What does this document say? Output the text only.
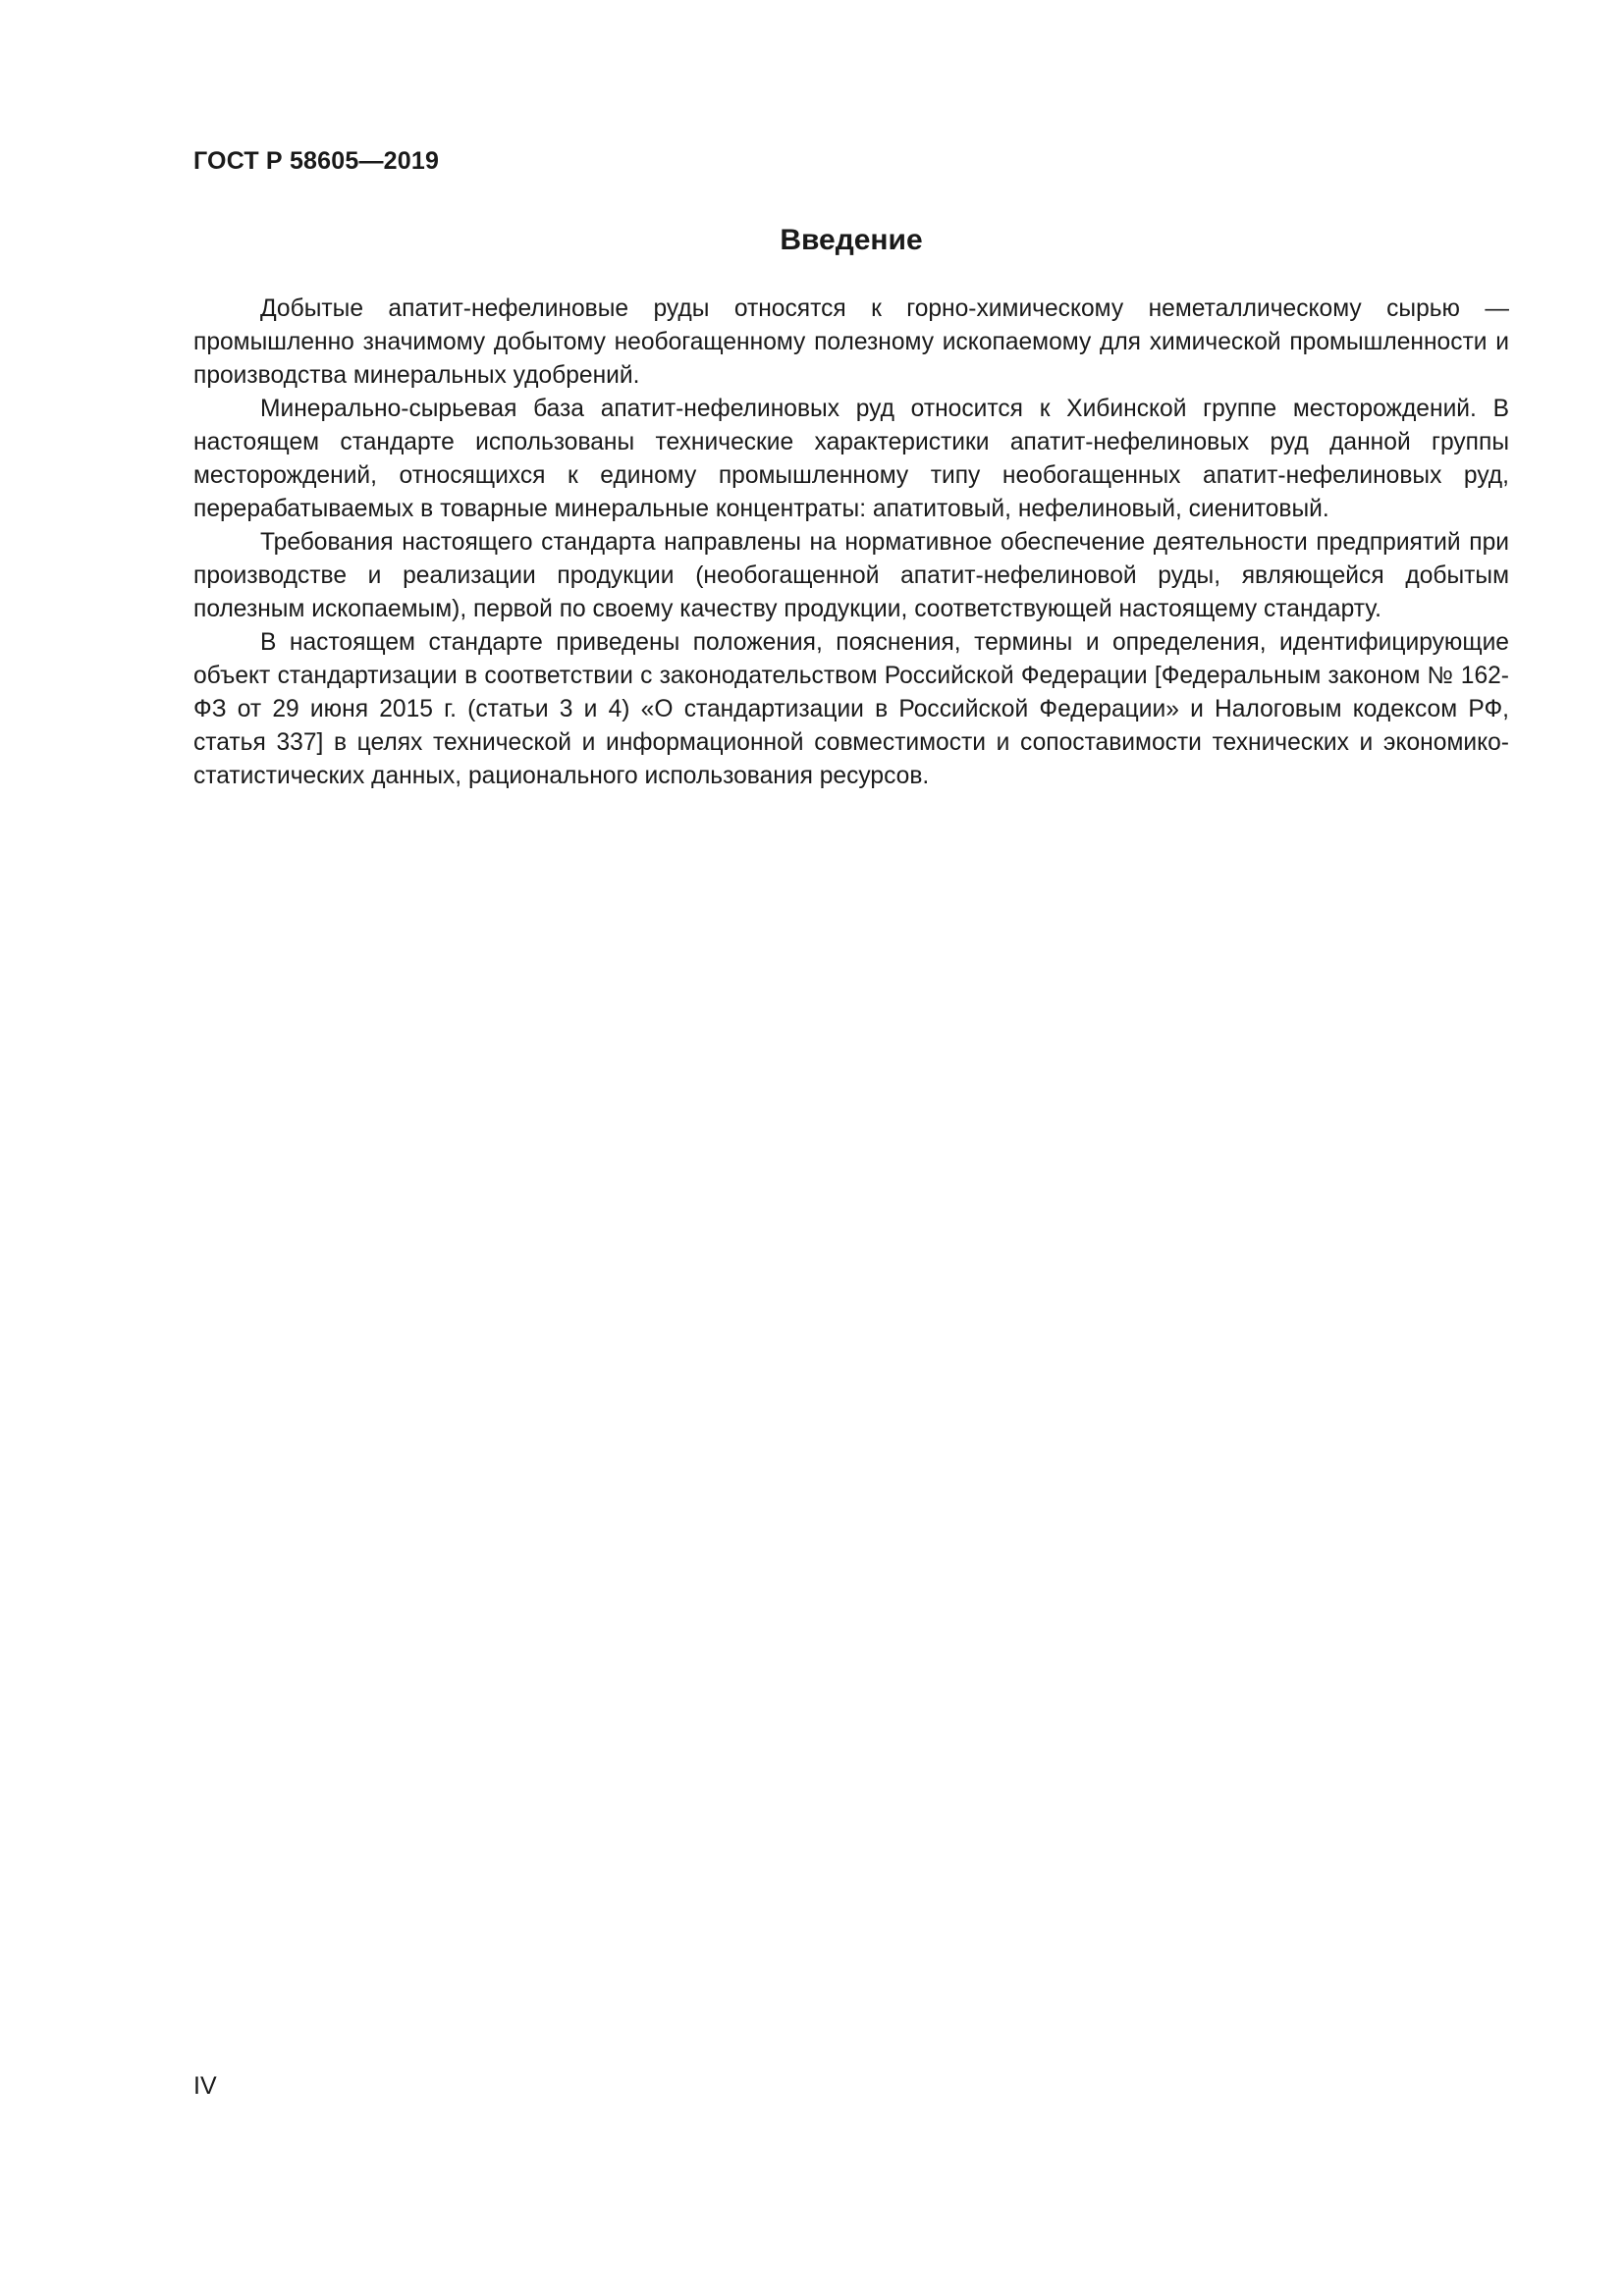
ГОСТ Р 58605—2019
Введение

Добытые апатит-нефелиновые руды относятся к горно-химическому неметаллическому сырью — промышленно значимому добытому необогащенному полезному ископаемому для химической промышленности и производства минеральных удобрений.

Минерально-сырьевая база апатит-нефелиновых руд относится к Хибинской группе месторождений. В настоящем стандарте использованы технические характеристики апатит-нефелиновых руд данной группы месторождений, относящихся к единому промышленному типу необогащенных апатит-нефелиновых руд, перерабатываемых в товарные минеральные концентраты: апатитовый, нефелиновый, сиенитовый.

Требования настоящего стандарта направлены на нормативное обеспечение деятельности предприятий при производстве и реализации продукции (необогащенной апатит-нефелиновой руды, являющейся добытым полезным ископаемым), первой по своему качеству продукции, соответствующей настоящему стандарту.

В настоящем стандарте приведены положения, пояснения, термины и определения, идентифицирующие объект стандартизации в соответствии с законодательством Российской Федерации [Федеральным законом № 162-ФЗ от 29 июня 2015 г. (статьи 3 и 4) «О стандартизации в Российской Федерации» и Налоговым кодексом РФ, статья 337] в целях технической и информационной совместимости и сопоставимости технических и экономико-статистических данных, рационального использования ресурсов.

IV
